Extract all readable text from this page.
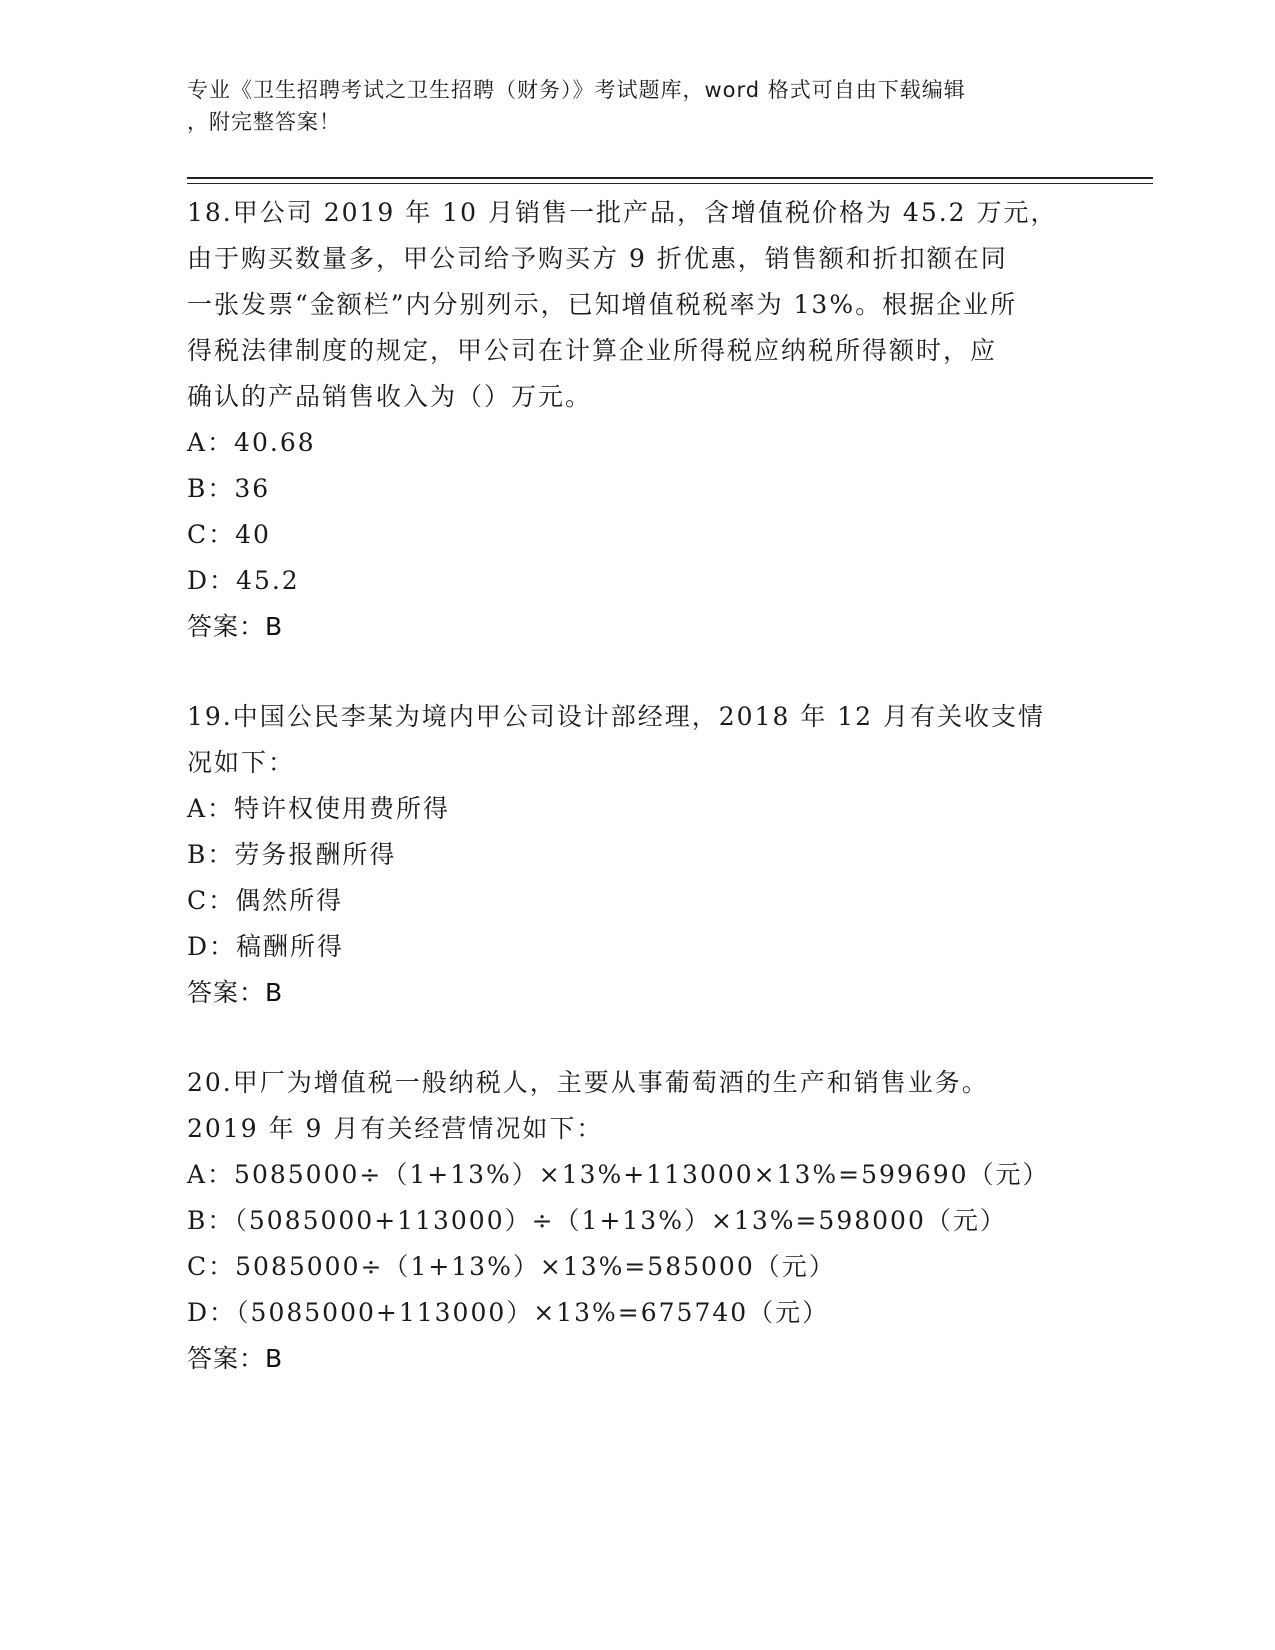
专业《卫生招聘考试之卫生招聘（财务）》考试题库，word 格式可自由下载编辑
，附完整答案！
18.甲公司 2019 年 10 月销售一批产品，含增值税价格为 45.2 万元，
由于购买数量多，甲公司给予购买方 9 折优惠，销售额和折扣额在同
一张发票“金额栏”内分别列示，已知增值税税率为 13%。根据企业所
得税法律制度的规定，甲公司在计算企业所得税应纳税所得额时，应
确认的产品销售收入为（）万元。
A：40.68
B：36
C：40
D：45.2
答案：B
19.中国公民李某为境内甲公司设计部经理，2018 年 12 月有关收支情
况如下：
A：特许权使用费所得
B：劳务报酬所得
C：偶然所得
D：稿酬所得
答案：B
20.甲厂为增值税一般纳税人，主要从事葡萄酒的生产和销售业务。
2019 年 9 月有关经营情况如下：
A：5085000÷（1+13%）×13%+113000×13%=599690（元）
B：（5085000+113000）÷（1+13%）×13%=598000（元）
C：5085000÷（1+13%）×13%=585000（元）
D：（5085000+113000）×13%=675740（元）
答案：B
